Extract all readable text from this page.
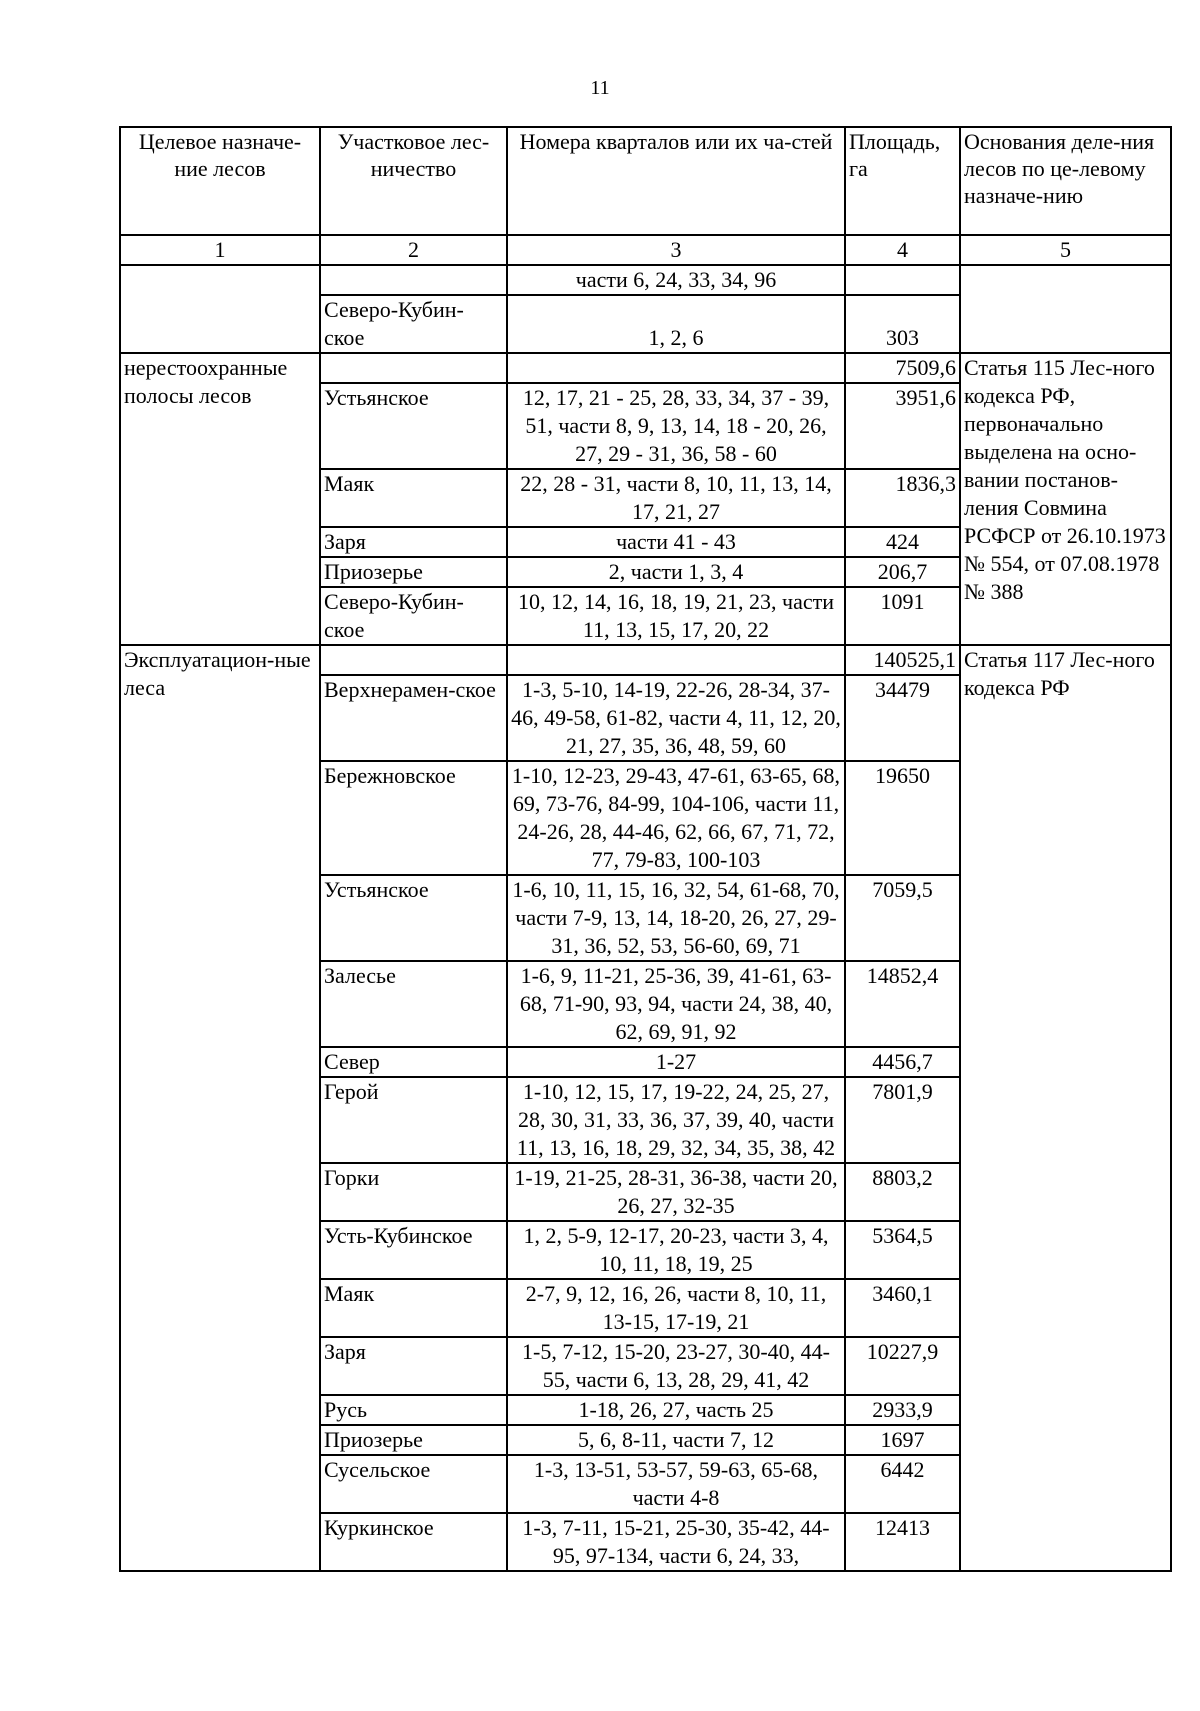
11
Целевое назначе-ние лесов	Участковое лес-ничество	Номера кварталов или их ча-стей	Площадь, га	Основания деле-ния лесов по це-левому назначе-нию
1	2	3	4	5
		части 6, 24, 33, 34, 96		
	Северо-Кубин-ское	1, 2, 6	303	
нерестоохранные полосы лесов			7509,6	Статья 115 Лес-ного кодекса РФ, первоначально выделена на осно-вании постанов-ления Совмина РСФСР от 26.10.1973 № 554, от 07.08.1978 № 388
	Устьянское	12, 17, 21 - 25, 28, 33, 34, 37 - 39, 51, части 8, 9, 13, 14, 18 - 20, 26, 27, 29 - 31, 36, 58 - 60	3951,6	
	Маяк	22, 28 - 31, части 8, 10, 11, 13, 14, 17, 21, 27	1836,3	
	Заря	части 41 - 43	424	
	Приозерье	2, части 1, 3, 4	206,7	
	Северо-Кубин-ское	10, 12, 14, 16, 18, 19, 21, 23, части 11, 13, 15, 17, 20, 22	1091	
Эксплуатацион-ные леса			140525,1	Статья 117 Лес-ного кодекса РФ
	Верхнерамен-ское	1-3, 5-10, 14-19, 22-26, 28-34, 37-46, 49-58, 61-82, части 4, 11, 12, 20, 21, 27, 35, 36, 48, 59, 60	34479	
	Бережновское	1-10, 12-23, 29-43, 47-61, 63-65, 68, 69, 73-76, 84-99, 104-106, части 11, 24-26, 28, 44-46, 62, 66, 67, 71, 72, 77, 79-83, 100-103	19650	
	Устьянское	1-6, 10, 11, 15, 16, 32, 54, 61-68, 70, части 7-9, 13, 14, 18-20, 26, 27, 29-31, 36, 52, 53, 56-60, 69, 71	7059,5	
	Залесье	1-6, 9, 11-21, 25-36, 39, 41-61, 63-68, 71-90, 93, 94, части 24, 38, 40, 62, 69, 91, 92	14852,4	
	Север	1-27	4456,7	
	Герой	1-10, 12, 15, 17, 19-22, 24, 25, 27, 28, 30, 31, 33, 36, 37, 39, 40, части 11, 13, 16, 18, 29, 32, 34, 35, 38, 42	7801,9	
	Горки	1-19, 21-25, 28-31, 36-38, части 20, 26, 27, 32-35	8803,2	
	Усть-Кубинское	1, 2, 5-9, 12-17, 20-23, части 3, 4, 10, 11, 18, 19, 25	5364,5	
	Маяк	2-7, 9, 12, 16, 26, части 8, 10, 11, 13-15, 17-19, 21	3460,1	
	Заря	1-5, 7-12, 15-20, 23-27, 30-40, 44-55, части 6, 13, 28, 29, 41, 42	10227,9	
	Русь	1-18, 26, 27, часть 25	2933,9	
	Приозерье	5, 6, 8-11, части 7, 12	1697	
	Сусельское	1-3, 13-51, 53-57, 59-63, 65-68, части 4-8	6442	
	Куркинское	1-3, 7-11, 15-21, 25-30, 35-42, 44-95, 97-134, части 6, 24, 33,	12413	
